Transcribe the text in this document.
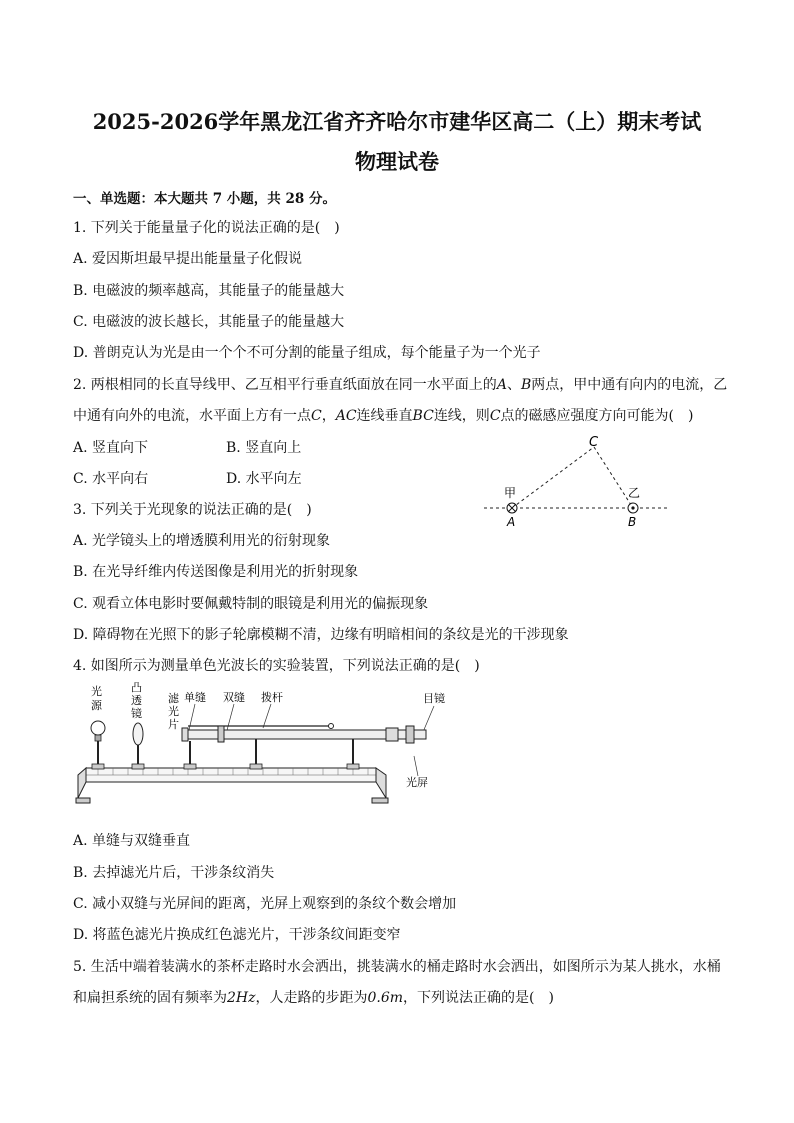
2025-2026学年黑龙江省齐齐哈尔市建华区高二（上）期末考试
物理试卷
一、单选题：本大题共 7 小题，共 28 分。
1. 下列关于能量量子化的说法正确的是(　)
A. 爱因斯坦最早提出能量量子化假说
B. 电磁波的频率越高，其能量子的能量越大
C. 电磁波的波长越长，其能量子的能量越大
D. 普朗克认为光是由一个个不可分割的能量子组成，每个能量子为一个光子
2. 两根相同的长直导线甲、乙互相平行垂直纸面放在同一水平面上的A、B两点，甲中通有向内的电流，乙
中通有向外的电流，水平面上方有一点C，AC连线垂直BC连线，则C点的磁感应强度方向可能为(　)
A. 竖直向下	B. 竖直向上
C. 水平向右	D. 水平向左
C
甲	乙
A	B
3. 下列关于光现象的说法正确的是(　)
A. 光学镜头上的增透膜利用光的衍射现象
B. 在光导纤维内传送图像是利用光的折射现象
C. 观看立体电影时要佩戴特制的眼镜是利用光的偏振现象
D. 障碍物在光照下的影子轮廓模糊不清，边缘有明暗相间的条纹是光的干涉现象
4. 如图所示为测量单色光波长的实验装置，下列说法正确的是(　)
光
源
凸
透
镜
滤
光
片
单缝 双缝 拨杆	目镜
光屏
A. 单缝与双缝垂直
B. 去掉滤光片后，干涉条纹消失
C. 减小双缝与光屏间的距离，光屏上观察到的条纹个数会增加
D. 将蓝色滤光片换成红色滤光片，干涉条纹间距变窄
5. 生活中端着装满水的茶杯走路时水会洒出，挑装满水的桶走路时水会洒出，如图所示为某人挑水，水桶
和扁担系统的固有频率为2Hz，人走路的步距为0.6m，下列说法正确的是(　)
